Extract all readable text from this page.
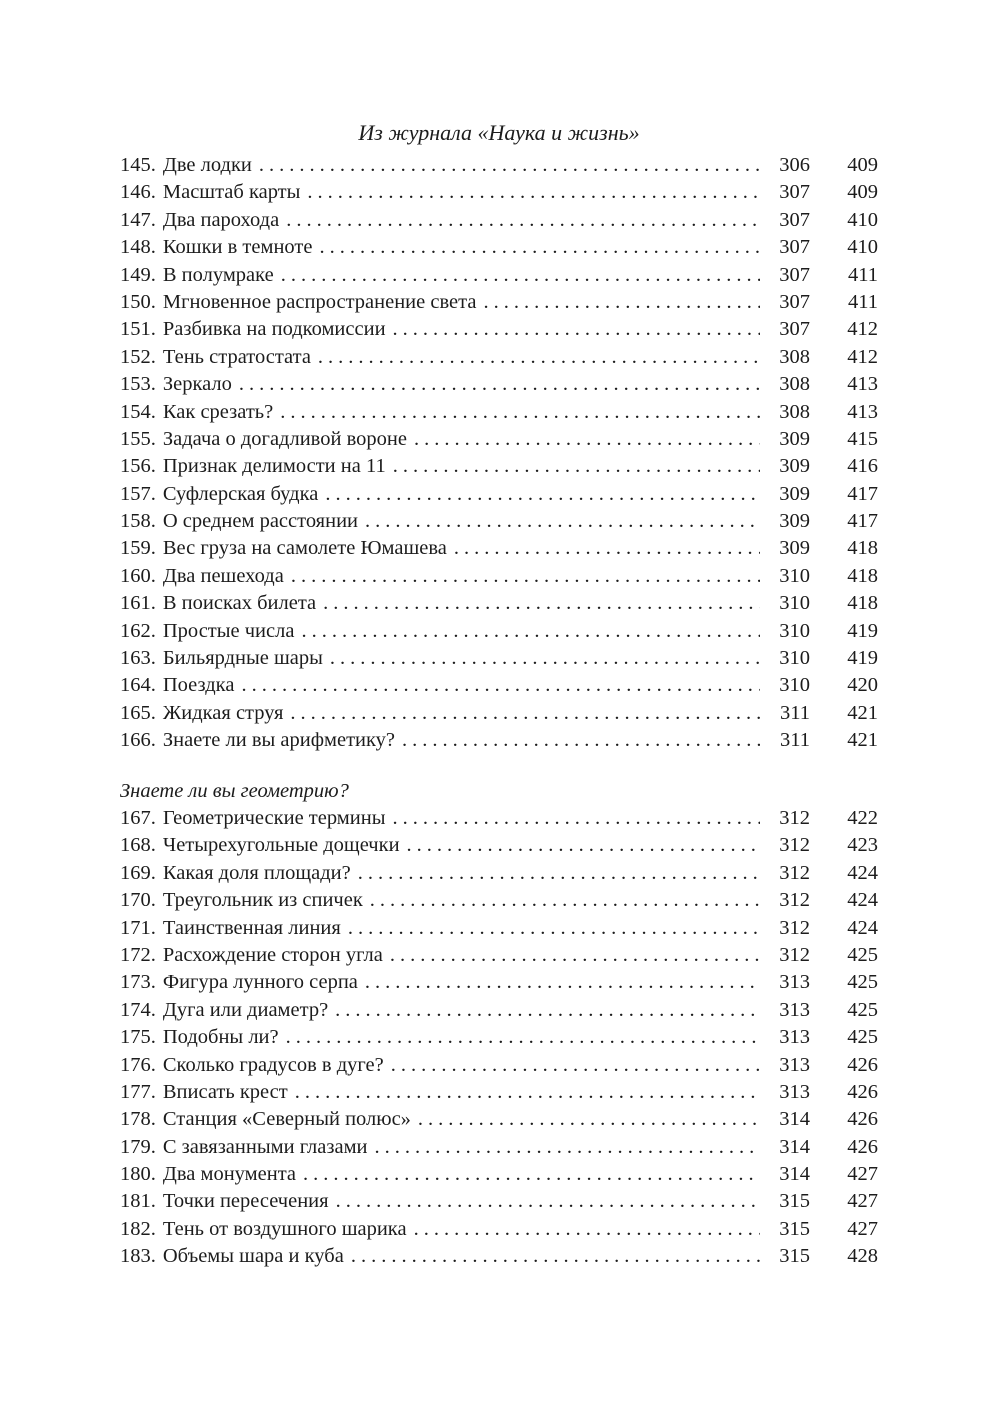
Из журнала «Наука и жизнь»
145. Две лодки .....	306	409
146. Масштаб карты .....	307	409
147. Два парохода .....	307	410
148. Кошки в темноте .....	307	410
149. В полумраке .....	307	411
150. Мгновенное распространение света .....	307	411
151. Разбивка на подкомиссии .....	307	412
152. Тень стратостата .....	308	412
153. Зеркало .....	308	413
154. Как срезать? .....	308	413
155. Задача о догадливой вороне .....	309	415
156. Признак делимости на 11 .....	309	416
157. Суфлерская будка .....	309	417
158. О среднем расстоянии .....	309	417
159. Вес груза на самолете Юмашева .....	309	418
160. Два пешехода .....	310	418
161. В поисках билета .....	310	418
162. Простые числа .....	310	419
163. Бильярдные шары .....	310	419
164. Поездка .....	310	420
165. Жидкая струя .....	311	421
166. Знаете ли вы арифметику? .....	311	421
Знаете ли вы геометрию?
167. Геометрические термины .....	312	422
168. Четырехугольные дощечки .....	312	423
169. Какая доля площади? .....	312	424
170. Треугольник из спичек .....	312	424
171. Таинственная линия .....	312	424
172. Расхождение сторон угла .....	312	425
173. Фигура лунного серпа .....	313	425
174. Дуга или диаметр? .....	313	425
175. Подобны ли? .....	313	425
176. Сколько градусов в дуге? .....	313	426
177. Вписать крест .....	313	426
178. Станция «Северный полюс» .....	314	426
179. С завязанными глазами .....	314	426
180. Два монумента .....	314	427
181. Точки пересечения .....	315	427
182. Тень от воздушного шарика .....	315	427
183. Объемы шара и куба .....	315	428
